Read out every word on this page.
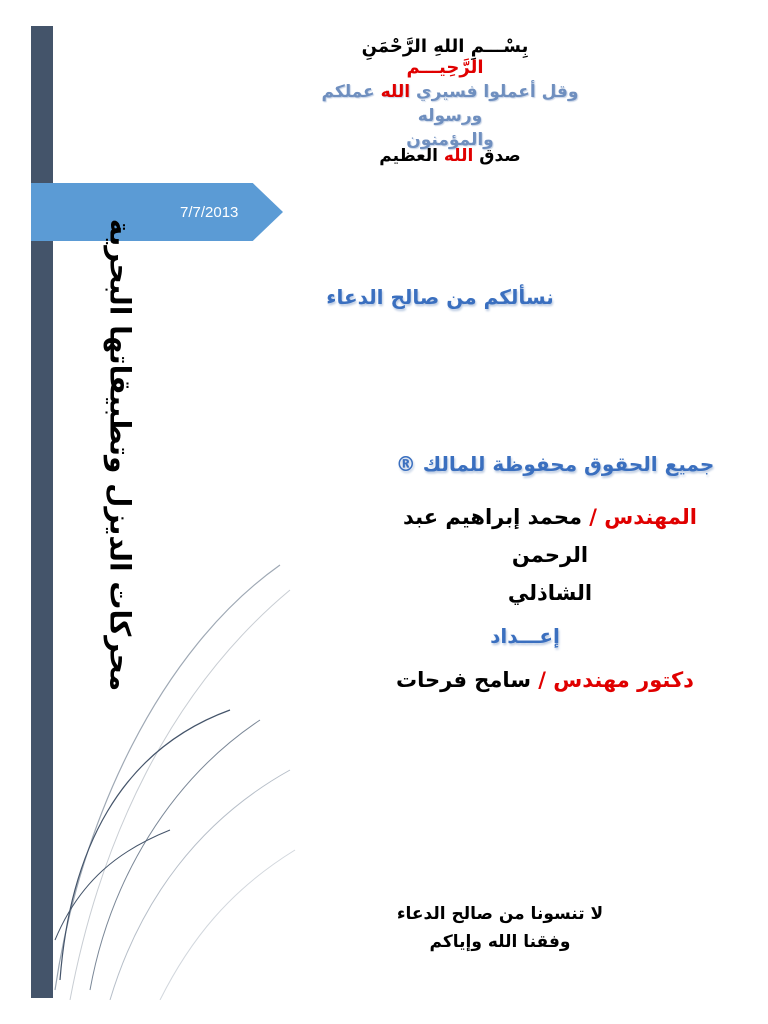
7/7/2013
محركات الديزل وتطبيقاتها البحرية
بِسْـــمِ اللهِ الرَّحْمَنِ الرَّحِيـــم
وقل أعملوا فسيري الله عملكم ورسوله
والمؤمنون
صدق الله العظيم
نسألكم من صالح الدعاء
جميع الحقوق محفوظة للمالك ®
المهندس / محمد إبراهيم عبد الرحمن
الشاذلي
إعـــداد
دكتور مهندس / سامح فرحات
لا تنسونا من صالح الدعاء
وفقنا الله وإياكم
